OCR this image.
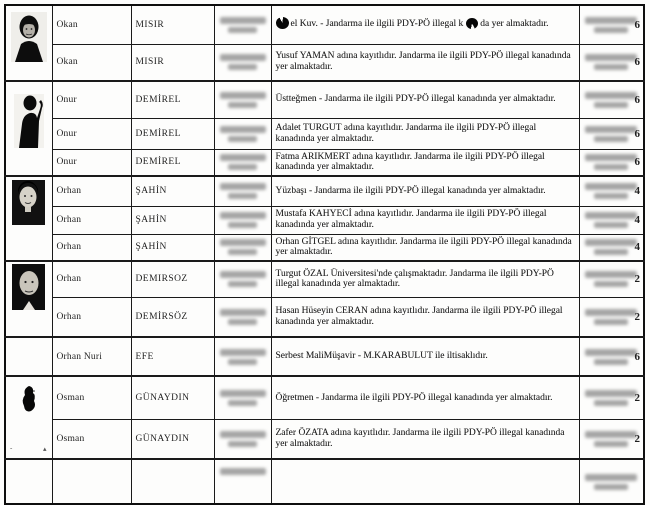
	Okan	MISIR		el Kuv. - Jandarma ile ilgili PDY-PÖ illegal k da yer almaktadır.	6

	Okan	MISIR		Yusuf YAMAN adına kayıtlıdır. Jandarma ile ilgili PDY-PÖ illegal kanadında yer almaktadır.	6

	Onur	DEMİREL		Üstteğmen - Jandarma ile ilgili PDY-PÖ illegal kanadında yer almaktadır.	6

	Onur	DEMİREL		Adalet TURGUT adına kayıtlıdır. Jandarma ile ilgili PDY-PÖ illegal kanadında yer almaktadır.	6

	Onur	DEMİREL		Fatma ARIKMERT adına kayıtlıdır. Jandarma ile ilgili PDY-PÖ illegal kanadında yer almaktadır.	6

	Orhan	ŞAHİN		Yüzbaşı - Jandarma ile ilgili PDY-PÖ illegal kanadında yer almaktadır.	4

	Orhan	ŞAHİN		Mustafa KAHYECİ adına kayıtlıdır. Jandarma ile ilgili PDY-PÖ illegal kanadında yer almaktadır.	4

	Orhan	ŞAHİN		Orhan GİTGEL adına kayıtlıdır. Jandarma ile ilgili PDY-PÖ illegal kanadında yer almaktadır.	4

	Orhan	DEMIRSOZ		Turgut ÖZAL Üniversitesi'nde çalışmaktadır. Jandarma ile ilgili PDY-PÖ illegal kanadında yer almaktadır.	2

	Orhan	DEMİRSÖZ		Hasan Hüseyin CERAN adına kayıtlıdır. Jandarma ile ilgili PDY-PÖ illegal kanadında yer almaktadır.	2

	Orhan Nuri	EFE		Serbest MaliMüşavir - M.KARABULUT ile iltisaklıdır.	6

- ▴	Osman	GÜNAYDIN		Öğretmen - Jandarma ile ilgili PDY-PÖ illegal kanadında yer almaktadır.	2

	Osman	GÜNAYDIN		Zafer ÖZATA adına kayıtlıdır. Jandarma ile ilgili PDY-PÖ illegal kanadında yer almaktadır.	2
